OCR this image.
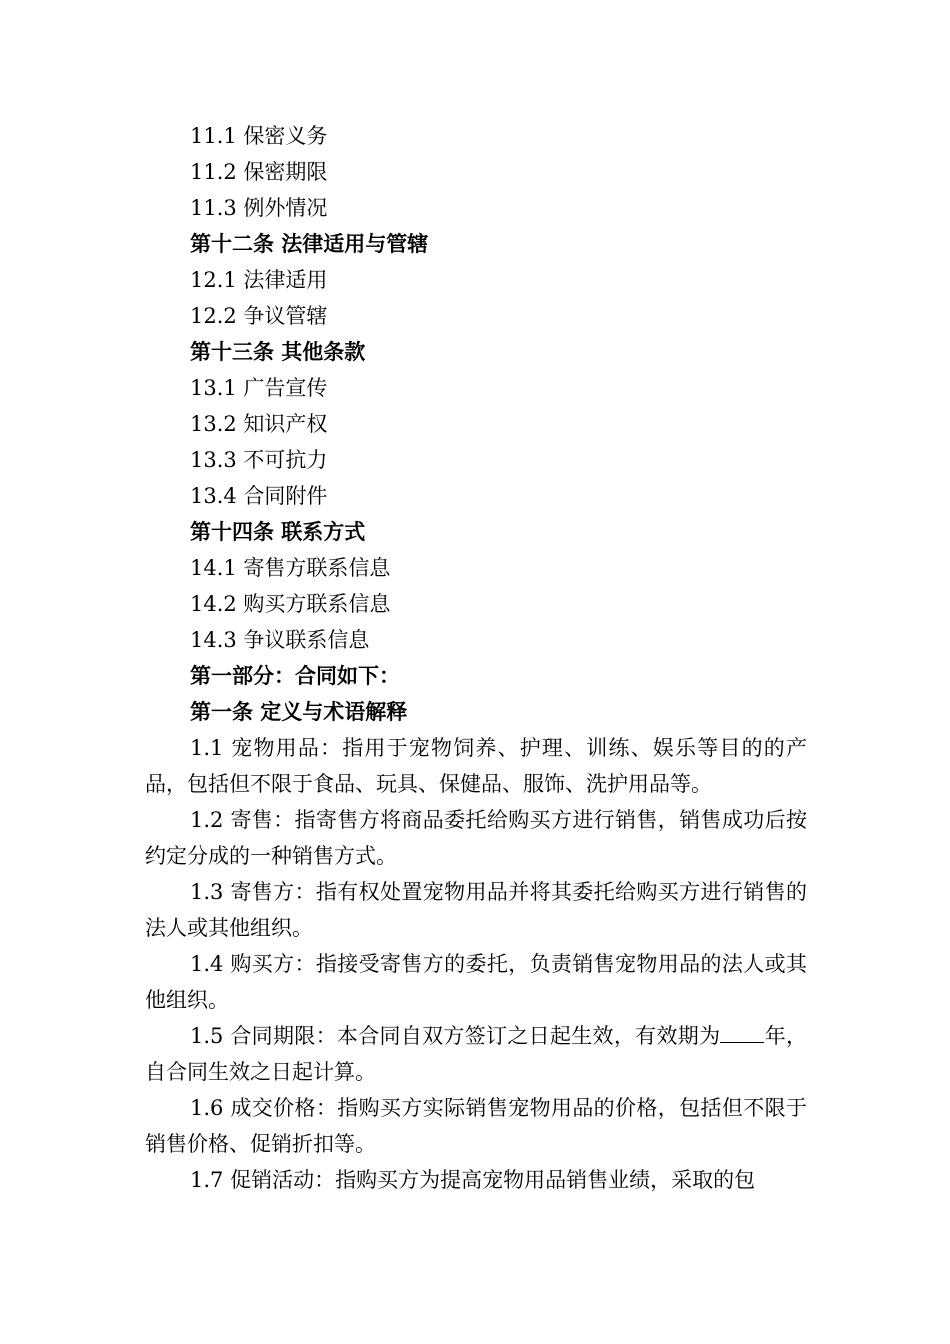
11.1 保密义务

11.2 保密期限

11.3 例外情况

第十二条 法律适用与管辖

12.1 法律适用

12.2 争议管辖

第十三条 其他条款

13.1 广告宣传

13.2 知识产权

13.3 不可抗力

13.4 合同附件

第十四条 联系方式

14.1 寄售方联系信息

14.2 购买方联系信息

14.3 争议联系信息

第一部分：合同如下：

第一条 定义与术语解释

1.1 宠物用品：指用于宠物饲养、护理、训练、娱乐等目的的产品，包括但不限于食品、玩具、保健品、服饰、洗护用品等。

1.2 寄售：指寄售方将商品委托给购买方进行销售，销售成功后按约定分成的一种销售方式。

1.3 寄售方：指有权处置宠物用品并将其委托给购买方进行销售的法人或其他组织。

1.4 购买方：指接受寄售方的委托，负责销售宠物用品的法人或其他组织。

1.5 合同期限：本合同自双方签订之日起生效，有效期为 年，自合同生效之日起计算。

1.6 成交价格：指购买方实际销售宠物用品的价格，包括但不限于销售价格、促销折扣等。

1.7 促销活动：指购买方为提高宠物用品销售业绩，采取的包
